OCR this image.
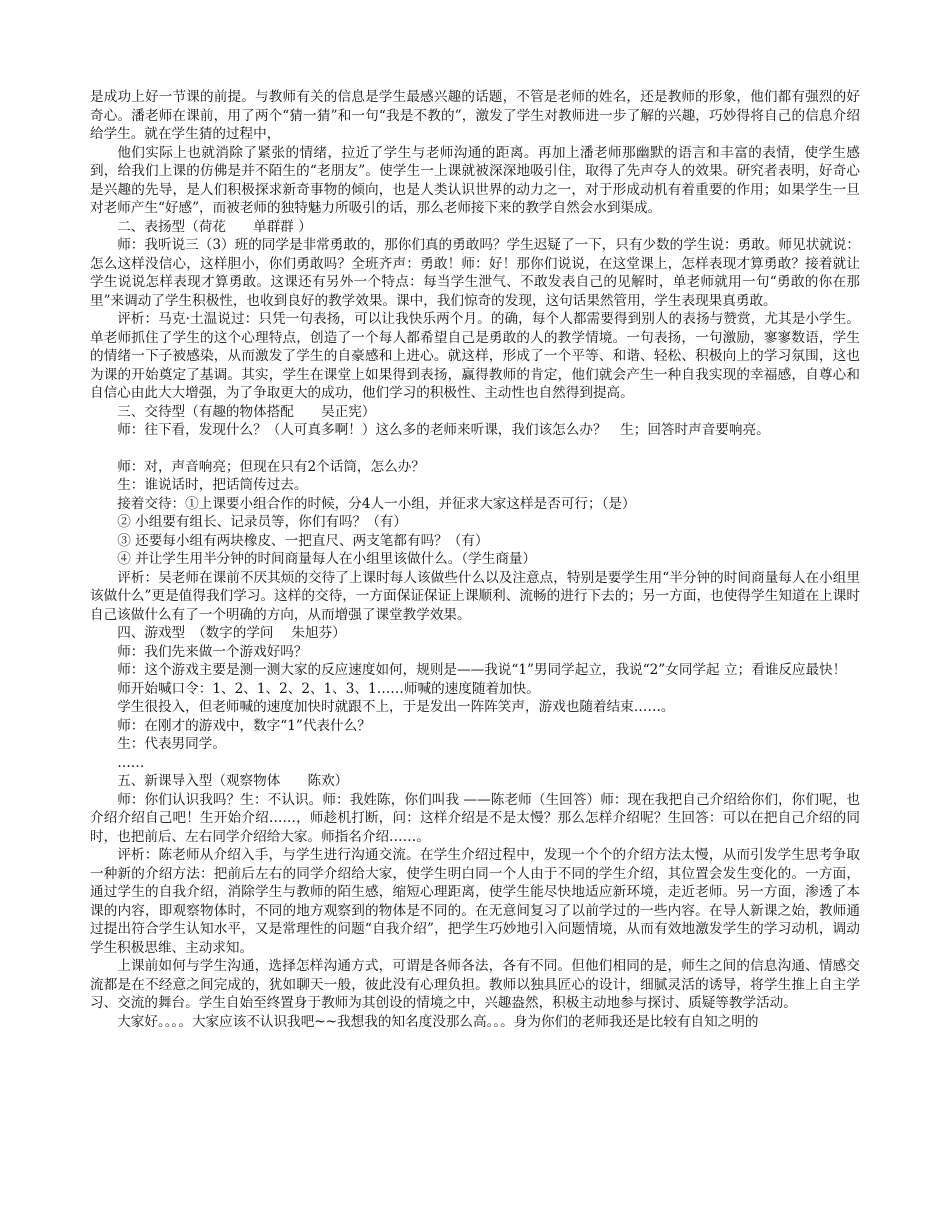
是成功上好一节课的前提。与教师有关的信息是学生最感兴趣的话题，不管是老师的姓名，还是教师的形象，他们都有强烈的好奇心。潘老师在课前，用了两个“猜一猜”和一句“我是不教的”，激发了学生对教师进一步了解的兴趣，巧妙得将自己的信息介绍给学生。就在学生猜的过程中，

他们实际上也就消除了紧张的情绪，拉近了学生与老师沟通的距离。再加上潘老师那幽默的语言和丰富的表情，使学生感到，给我们上课的仿佛是并不陌生的“老朋友”。使学生一上课就被深深地吸引住，取得了先声夺人的效果。研究者表明，好奇心是兴趣的先导，是人们积极探求新奇事物的倾向，也是人类认识世界的动力之一，对于形成动机有着重要的作用；如果学生一旦对老师产生“好感”，而被老师的独特魅力所吸引的话，那么老师接下来的教学自然会水到渠成。

二、表扬型（荷花　　单群群 ）

师：我听说三（3）班的同学是非常勇敢的，那你们真的勇敢吗？学生迟疑了一下，只有少数的学生说：勇敢。师见状就说：怎么这样没信心，这样胆小，你们勇敢吗？全班齐声：勇敢！师：好！那你们说说，在这堂课上，怎样表现才算勇敢？接着就让学生说说怎样表现才算勇敢。这课还有另外一个特点：每当学生泄气、不敢发表自己的见解时，单老师就用一句“勇敢的你在那里”来调动了学生积极性，也收到良好的教学效果。课中，我们惊奇的发现，这句话果然管用，学生表现果真勇敢。

评析：马克·土温说过：只凭一句表扬，可以让我快乐两个月。的确，每个人都需要得到别人的表扬与赞赏，尤其是小学生。单老师抓住了学生的这个心理特点，创造了一个每人都希望自己是勇敢的人的教学情境。一句表扬，一句激励，寥寥数语，学生的情绪一下子被感染，从而激发了学生的自豪感和上进心。就这样，形成了一个平等、和谐、轻松、积极向上的学习氛围，这也为课的开始奠定了基调。其实，学生在课堂上如果得到表扬，赢得教师的肯定，他们就会产生一种自我实现的幸福感，自尊心和自信心由此大大增强，为了争取更大的成功，他们学习的积极性、主动性也自然得到提高。

三、交待型（有趣的物体搭配　　吴正宪）

师：往下看，发现什么？（人可真多啊！）这么多的老师来听课，我们该怎么办？　生；回答时声音要响亮。

师：对，声音响亮；但现在只有2个话筒，怎么办？

生：谁说话时，把话筒传过去。

接着交待：①上课要小组合作的时候，分4人一小组，并征求大家这样是否可行；（是）

② 小组要有组长、记录员等，你们有吗？（有）

③ 还要每小组有两块橡皮、一把直尺、两支笔都有吗？（有）

④ 并让学生用半分钟的时间商量每人在小组里该做什么。（学生商量）

评析：吴老师在课前不厌其烦的交待了上课时每人该做些什么以及注意点，特别是要学生用“半分钟的时间商量每人在小组里该做什么”更是值得我们学习。这样的交待，一方面保证保证上课顺利、流畅的进行下去的；另一方面，也使得学生知道在上课时自己该做什么有了一个明确的方向，从而增强了课堂教学效果。

四、游戏型　（数字的学问　 朱旭芬）

师：我们先来做一个游戏好吗？

师：这个游戏主要是测一测大家的反应速度如何，规则是——我说“1”男同学起立，我说“2”女同学起 立；看谁反应最快！

师开始喊口令：1、2、1、2、2、1、3、1……师喊的速度随着加快。

学生很投入，但老师喊的速度加快时就跟不上，于是发出一阵阵笑声，游戏也随着结束……。

师：在刚才的游戏中，数字“1”代表什么？

生：代表男同学。

……

五、新课导入型（观察物体　　陈欢）

师：你们认识我吗？生：不认识。师：我姓陈，你们叫我 ——陈老师（生回答）师：现在我把自己介绍给你们，你们呢，也介绍介绍自己吧！生开始介绍……，师趁机打断，问：这样介绍是不是太慢？那么怎样介绍呢？生回答：可以在把自己介绍的同时，也把前后、左右同学介绍给大家。师指名介绍……。

评析：陈老师从介绍入手，与学生进行沟通交流。在学生介绍过程中，发现一个个的介绍方法太慢，从而引发学生思考争取一种新的介绍方法：把前后左右的同学介绍给大家，使学生明白同一个人由于不同的学生介绍，其位置会发生变化的。一方面，通过学生的自我介绍，消除学生与教师的陌生感，缩短心理距离，使学生能尽快地适应新环境，走近老师。另一方面，渗透了本课的内容，即观察物体时，不同的地方观察到的物体是不同的。在无意间复习了以前学过的一些内容。在导人新课之始，教师通过提出符合学生认知水平，又是常理性的问题“自我介绍”，把学生巧妙地引入问题情境，从而有效地激发学生的学习动机，调动学生积极思维、主动求知。

上课前如何与学生沟通，选择怎样沟通方式，可谓是各师各法，各有不同。但他们相同的是，师生之间的信息沟通、情感交流都是在不经意之间完成的，犹如聊天一般，彼此没有心理负担。教师以独具匠心的设计，细腻灵活的诱导，将学生推上自主学习、交流的舞台。学生自始至终置身于教师为其创设的情境之中，兴趣盎然，积极主动地参与探讨、质疑等教学活动。

大家好。。。。大家应该不认识我吧~~我想我的知名度没那么高。。。身为你们的老师我还是比较有自知之明的
